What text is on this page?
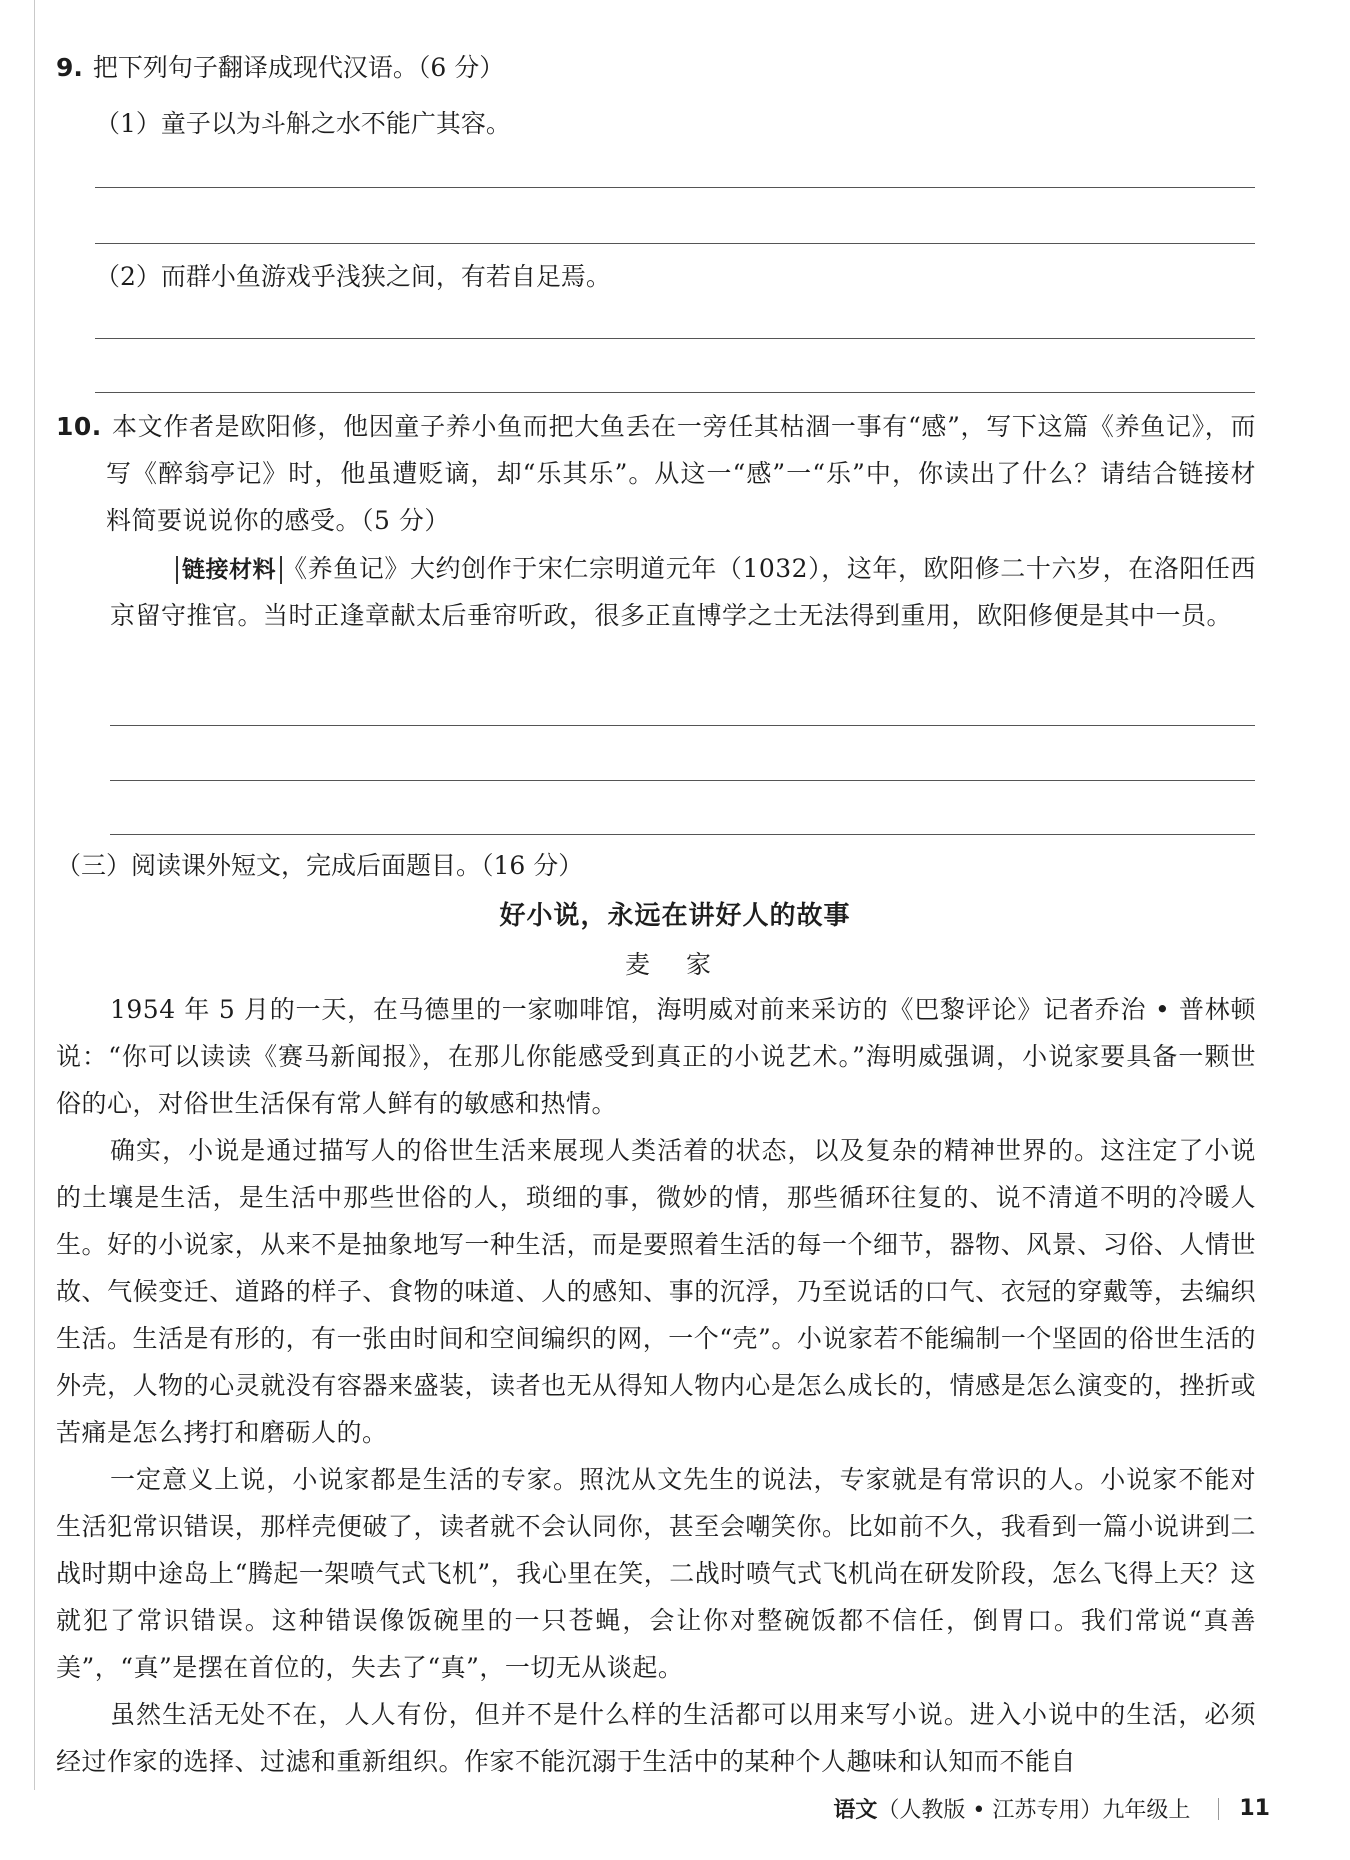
9. 把下列句子翻译成现代汉语。（6 分）
（1）童子以为斗斛之水不能广其容。
（2）而群小鱼游戏乎浅狭之间，有若自足焉。
10. 本文作者是欧阳修，他因童子养小鱼而把大鱼丢在一旁任其枯涸一事有“感”，写下这篇《养鱼记》，而写《醉翁亭记》时，他虽遭贬谪，却“乐其乐”。从这一“感”一“乐”中，你读出了什么？请结合链接材料简要说说你的感受。（5 分）
链接材料 《养鱼记》大约创作于宋仁宗明道元年（1032），这年，欧阳修二十六岁，在洛阳任西京留守推官。当时正逢章献太后垂帘听政，很多正直博学之士无法得到重用，欧阳修便是其中一员。
（三）阅读课外短文，完成后面题目。（16 分）
好小说，永远在讲好人的故事
麦 家
1954 年 5 月的一天，在马德里的一家咖啡馆，海明威对前来采访的《巴黎评论》记者乔治 • 普林顿说：“你可以读读《赛马新闻报》，在那儿你能感受到真正的小说艺术。”海明威强调，小说家要具备一颗世俗的心，对俗世生活保有常人鲜有的敏感和热情。
确实，小说是通过描写人的俗世生活来展现人类活着的状态，以及复杂的精神世界的。这注定了小说的土壤是生活，是生活中那些世俗的人，琐细的事，微妙的情，那些循环往复的、说不清道不明的冷暖人生。好的小说家，从来不是抽象地写一种生活，而是要照着生活的每一个细节，器物、风景、习俗、人情世故、气候变迁、道路的样子、食物的味道、人的感知、事的沉浮，乃至说话的口气、衣冠的穿戴等，去编织生活。生活是有形的，有一张由时间和空间编织的网，一个“壳”。小说家若不能编制一个坚固的俗世生活的外壳，人物的心灵就没有容器来盛装，读者也无从得知人物内心是怎么成长的，情感是怎么演变的，挫折或苦痛是怎么拷打和磨砺人的。
一定意义上说，小说家都是生活的专家。照沈从文先生的说法，专家就是有常识的人。小说家不能对生活犯常识错误，那样壳便破了，读者就不会认同你，甚至会嘲笑你。比如前不久，我看到一篇小说讲到二战时期中途岛上“腾起一架喷气式飞机”，我心里在笑，二战时喷气式飞机尚在研发阶段，怎么飞得上天？这就犯了常识错误。这种错误像饭碗里的一只苍蝇，会让你对整碗饭都不信任，倒胃口。我们常说“真善美”，“真”是摆在首位的，失去了“真”，一切无从谈起。
虽然生活无处不在，人人有份，但并不是什么样的生活都可以用来写小说。进入小说中的生活，必须经过作家的选择、过滤和重新组织。作家不能沉溺于生活中的某种个人趣味和认知而不能自
语文 （人教版 • 江苏专用）九年级上 11
